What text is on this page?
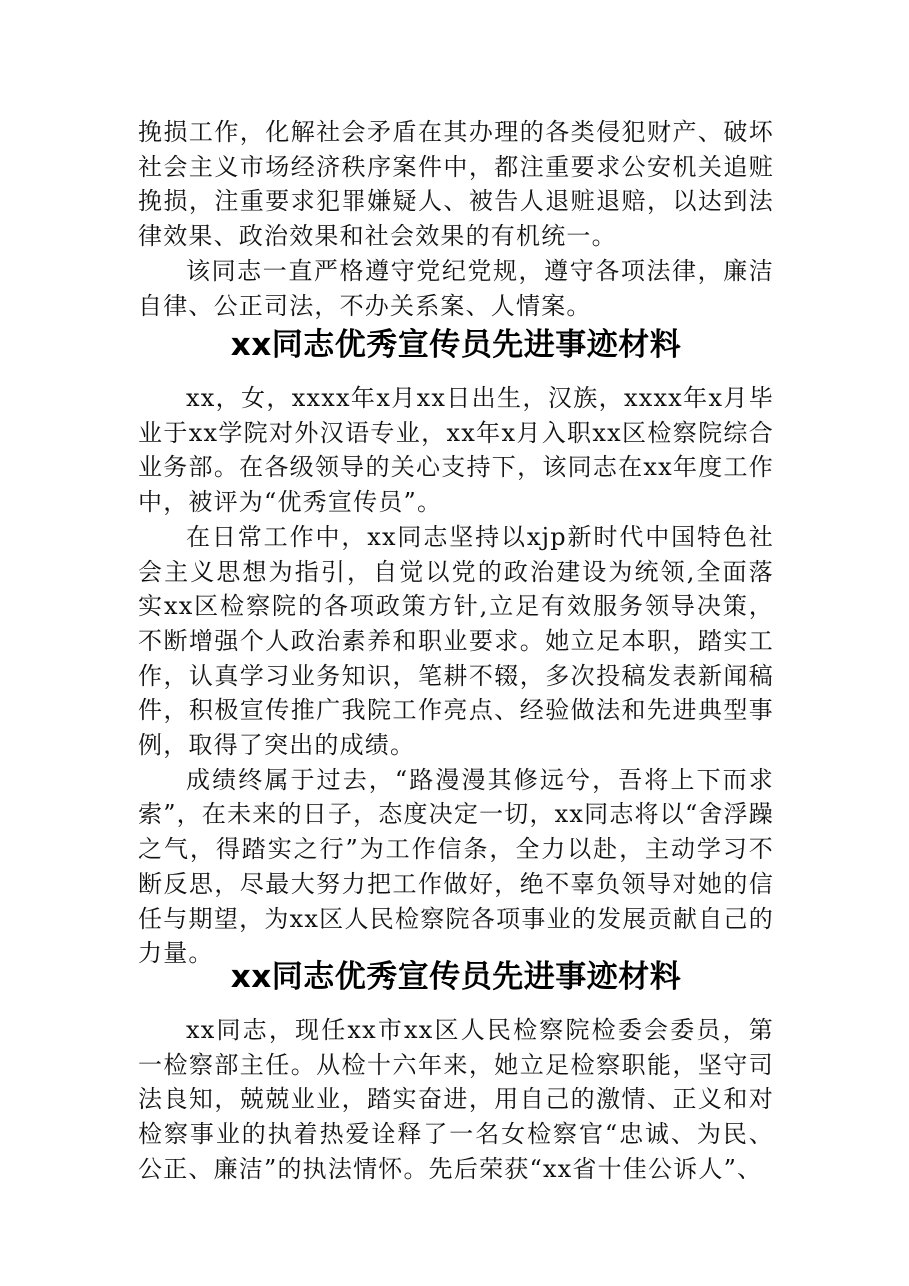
挽损工作，化解社会矛盾在其办理的各类侵犯财产、破坏社会主义市场经济秩序案件中，都注重要求公安机关追赃挽损，注重要求犯罪嫌疑人、被告人退赃退赔，以达到法律效果、政治效果和社会效果的有机统一。

该同志一直严格遵守党纪党规，遵守各项法律，廉洁自律、公正司法，不办关系案、人情案。

xx同志优秀宣传员先进事迹材料

xx，女，xxxx年x月xx日出生，汉族，xxxx年x月毕业于xx学院对外汉语专业，xx年x月入职xx区检察院综合业务部。在各级领导的关心支持下，该同志在xx年度工作中，被评为“优秀宣传员”。

在日常工作中，xx同志坚持以xjp新时代中国特色社会主义思想为指引，自觉以党的政治建设为统领,全面落实xx区检察院的各项政策方针,立足有效服务领导决策，不断增强个人政治素养和职业要求。她立足本职，踏实工作，认真学习业务知识，笔耕不辍，多次投稿发表新闻稿件，积极宣传推广我院工作亮点、经验做法和先进典型事例，取得了突出的成绩。

成绩终属于过去，“路漫漫其修远兮，吾将上下而求索”，在未来的日子，态度决定一切，xx同志将以“舍浮躁之气，得踏实之行”为工作信条，全力以赴，主动学习不断反思，尽最大努力把工作做好，绝不辜负领导对她的信任与期望，为xx区人民检察院各项事业的发展贡献自己的力量。

xx同志优秀宣传员先进事迹材料

xx同志，现任xx市xx区人民检察院检委会委员，第一检察部主任。从检十六年来，她立足检察职能，坚守司法良知，兢兢业业，踏实奋进，用自己的激情、正义和对检察事业的执着热爱诠释了一名女检察官“忠诚、为民、公正、廉洁”的执法情怀。先后荣获“xx省十佳公诉人”、
